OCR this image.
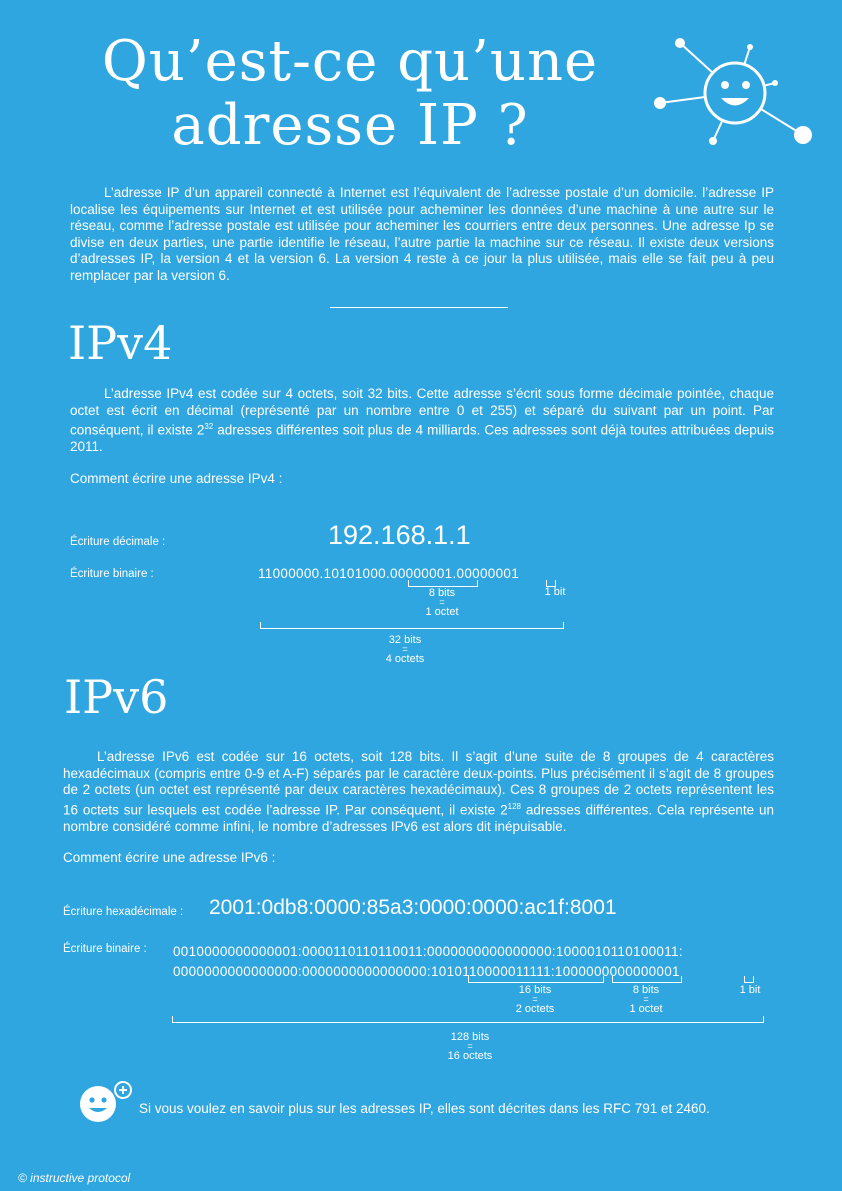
Qu’est-ce qu’une
adresse IP ?
L’adresse IP d’un appareil connecté à Internet est l’équivalent de l’adresse postale d’un domicile. l’adresse IP localise les équipements sur Internet et est utilisée pour acheminer les données d’une machine à une autre sur le réseau, comme l’adresse postale est utilisée pour acheminer les courriers entre deux personnes. Une adresse Ip se divise en deux parties, une partie identifie le réseau, l’autre partie la machine sur ce réseau. Il existe deux versions d’adresses IP, la version 4 et la version 6. La version 4 reste à ce jour la plus utilisée, mais elle se fait peu à peu remplacer par la version 6.
IPv4
L’adresse IPv4 est codée sur 4 octets, soit 32 bits. Cette adresse s’écrit sous forme décimale pointée, chaque octet est écrit en décimal (représenté par un nombre entre 0 et 255) et séparé du suivant par un point. Par conséquent, il existe $2^{32}$ adresses différentes soit plus de 4 milliards. Ces adresses sont déjà toutes attribuées depuis 2011.
Comment écrire une adresse IPv4 :
Écriture décimale :	192.168.1.1
Écriture binaire :	11000000.10101000.00000001.00000001
8 bits
=
1 octet
1 bit
32 bits
=
4 octets
IPv6
L’adresse IPv6 est codée sur 16 octets, soit 128 bits. Il s’agit d’une suite de 8 groupes de 4 caractères hexadécimaux (compris entre 0-9 et A-F) séparés par le caractère deux-points. Plus précisément il s’agit de 8 groupes de 2 octets (un octet est représenté par deux caractères hexadécimaux). Ces 8 groupes de 2 octets représentent les 16 octets sur lesquels est codée l’adresse IP. Par conséquent, il existe $2^{128}$ adresses différentes. Cela représente un nombre considéré comme infini, le nombre d’adresses IPv6 est alors dit inépuisable.
Comment écrire une adresse IPv6 :
Écriture hexadécimale : 2001:0db8:0000:85a3:0000:0000:ac1f:8001
Écriture binaire : 0010000000000001:0000110110110011:0000000000000000:1000010110100011:
0000000000000000:0000000000000000:1010110000011111:1000000000000001
16 bits
=
2 octets
8 bits
=
1 octet
1 bit
128 bits
=
16 octets
Si vous voulez en savoir plus sur les adresses IP, elles sont décrites dans les RFC 791 et 2460.
© instructive protocol
